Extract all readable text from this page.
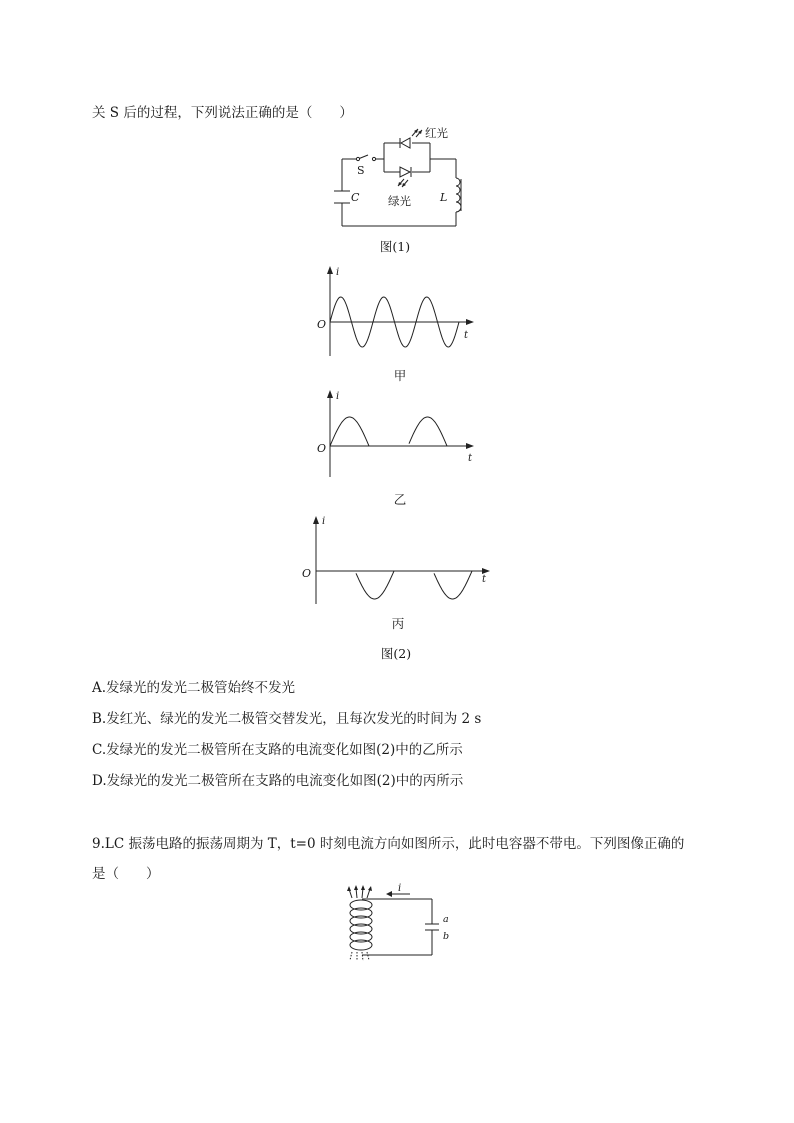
关 S 后的过程，下列说法正确的是（　　）
红光
绿光
S
C	L
图(1)
i
t
O
甲
i
t
O
乙
i
t
O
丙
图(2)
A.发绿光的发光二极管始终不发光
B.发红光、绿光的发光二极管交替发光，且每次发光的时间为 2 s
C.发绿光的发光二极管所在支路的电流变化如图(2)中的乙所示
D.发绿光的发光二极管所在支路的电流变化如图(2)中的丙所示
9.LC 振荡电路的振荡周期为 T，t=0 时刻电流方向如图所示，此时电容器不带电。下列图像正确的
是（　　）
i
a
b
